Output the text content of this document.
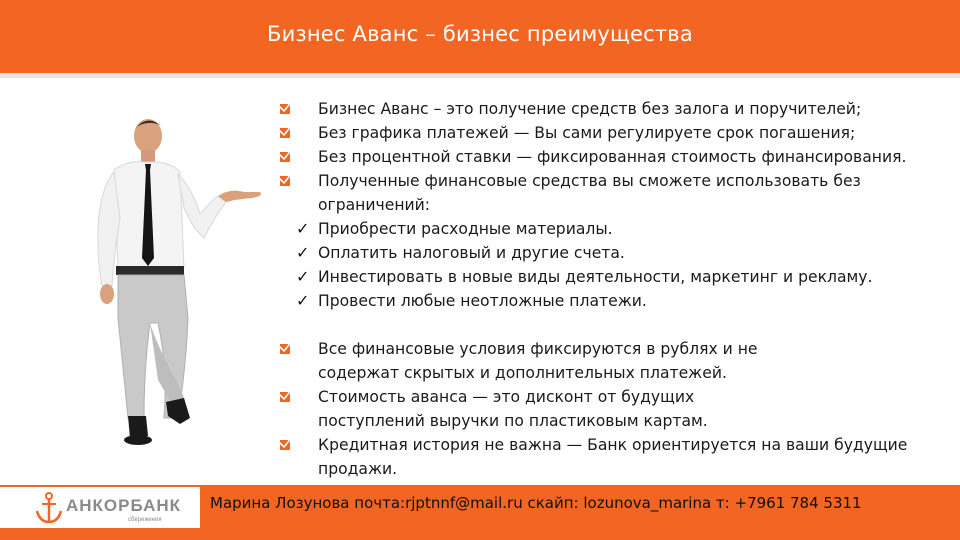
Бизнес Аванс – бизнес преимущества
Бизнес Аванс – это получение средств без залога и поручителей;
Без графика платежей — Вы сами регулируете срок погашения;
Без процентной ставки — фиксированная стоимость финансирования.
Полученные финансовые средства вы сможете использовать без ограничений:
✓ Приобрести расходные материалы.
✓ Оплатить налоговый и другие счета.
✓ Инвестировать в новые виды деятельности, маркетинг и рекламу.
✓ Провести любые неотложные платежи.
Все финансовые условия фиксируются в рублях и не содержат скрытых и дополнительных платежей.
Стоимость аванса — это дисконт от будущих поступлений выручки по пластиковым картам.
Кредитная история не важна — Банк ориентируется на ваши будущие продажи.
АНКОРБАНК
сбережения
Марина Лозунова почта:rjptnnf@mail.ru скайп: lozunova_marina т: +7961 784 5311
